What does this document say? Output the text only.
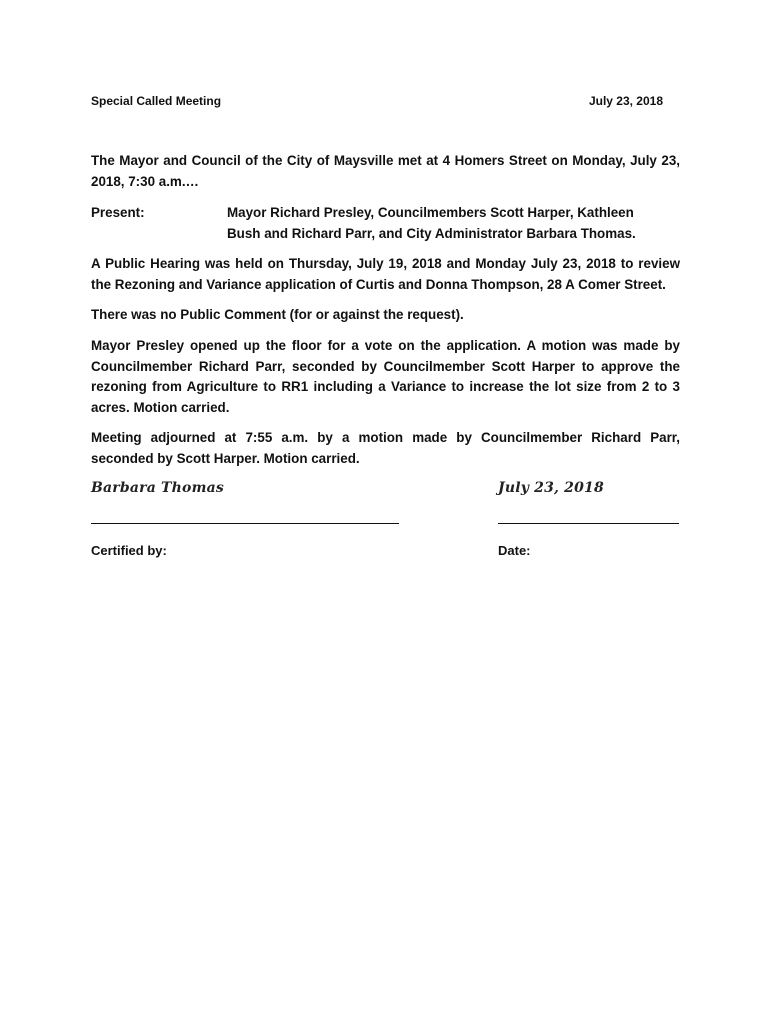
Special Called Meeting	July 23, 2018

The Mayor and Council of the City of Maysville met at 4 Homers Street on Monday, July 23, 2018, 7:30 a.m.…

Present:	Mayor Richard Presley, Councilmembers Scott Harper, Kathleen Bush and Richard Parr, and City Administrator Barbara Thomas.

A Public Hearing was held on Thursday, July 19, 2018 and Monday July 23, 2018 to review the Rezoning and Variance application of Curtis and Donna Thompson, 28 A Comer Street.

There was no Public Comment (for or against the request).

Mayor Presley opened up the floor for a vote on the application. A motion was made by Councilmember Richard Parr, seconded by Councilmember Scott Harper to approve the rezoning from Agriculture to RR1 including a Variance to increase the lot size from 2 to 3 acres. Motion carried.

Meeting adjourned at 7:55 a.m. by a motion made by Councilmember Richard Parr, seconded by Scott Harper. Motion carried.

Barbara Thomas	July 23, 2018
Certified by:	Date:
